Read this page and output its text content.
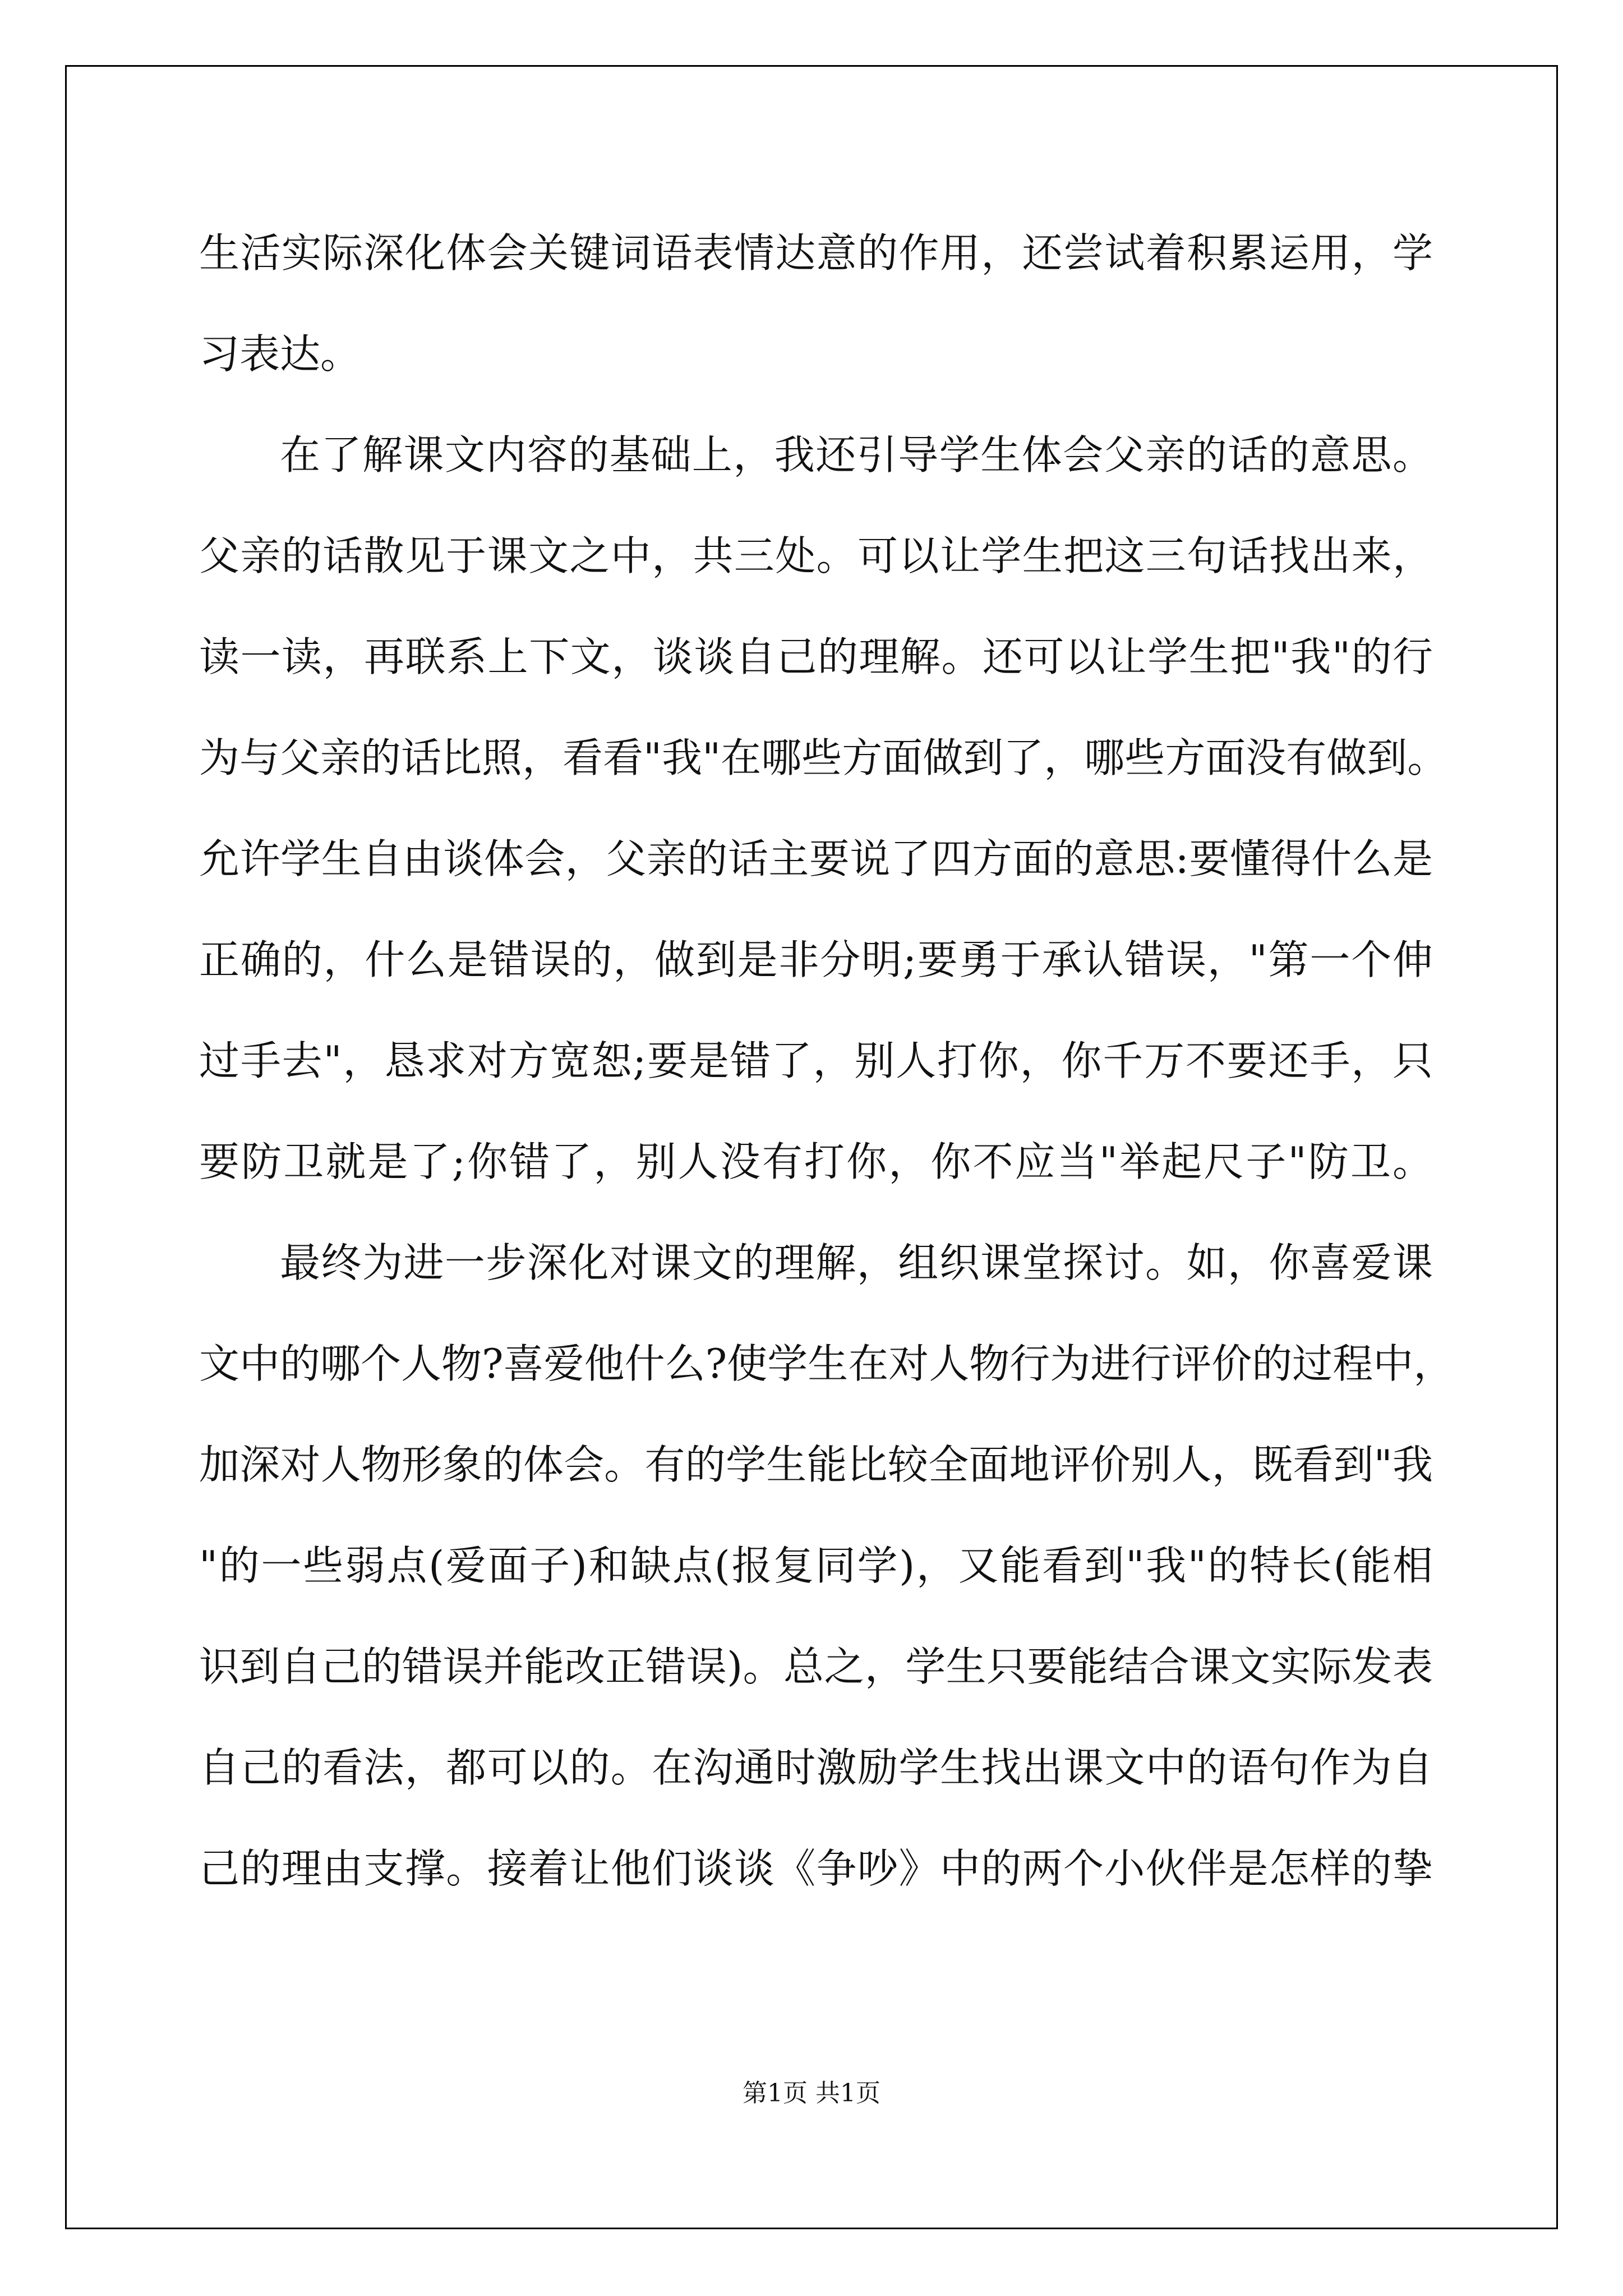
生活实际深化体会关键词语表情达意的作用，还尝试着积累运用，学
习表达。
在了解课文内容的基础上，我还引导学生体会父亲的话的意思。
父亲的话散见于课文之中，共三处。可以让学生把这三句话找出来，
读一读，再联系上下文，谈谈自己的理解。还可以让学生把"我"的行
为与父亲的话比照，看看"我"在哪些方面做到了，哪些方面没有做到。
允许学生自由谈体会，父亲的话主要说了四方面的意思:要懂得什么是
正确的，什么是错误的，做到是非分明;要勇于承认错误，"第一个伸
过手去"，恳求对方宽恕;要是错了，别人打你，你千万不要还手，只
要防卫就是了;你错了，别人没有打你，你不应当"举起尺子"防卫。
最终为进一步深化对课文的理解，组织课堂探讨。如，你喜爱课
文中的哪个人物?喜爱他什么?使学生在对人物行为进行评价的过程中，
加深对人物形象的体会。有的学生能比较全面地评价别人，既看到"我
"的一些弱点(爱面子)和缺点(报复同学)，又能看到"我"的特长(能相
识到自己的错误并能改正错误)。总之，学生只要能结合课文实际发表
自己的看法，都可以的。在沟通时激励学生找出课文中的语句作为自
己的理由支撑。接着让他们谈谈《争吵》中的两个小伙伴是怎样的挚
第1页 共1页
